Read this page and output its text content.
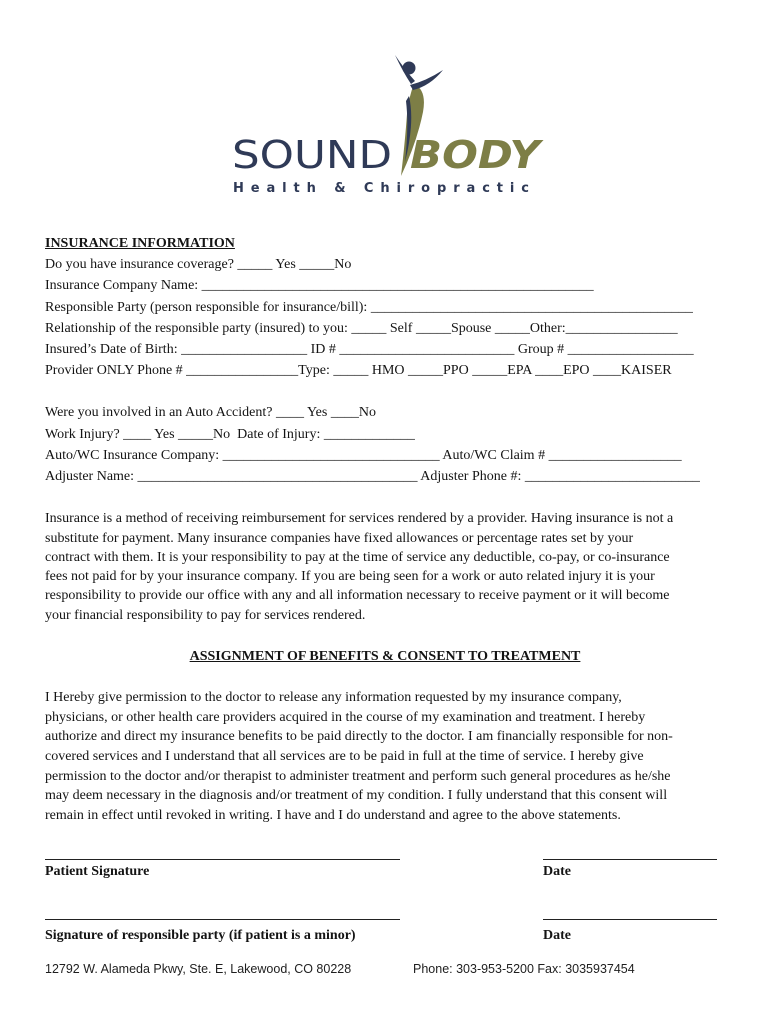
SOUND BODY
Health & Chiropractic
INSURANCE INFORMATION
Do you have insurance coverage? _____ Yes _____No
Insurance Company Name: ________________________________________________________
Responsible Party (person responsible for insurance/bill): ______________________________________________
Relationship of the responsible party (insured) to you: _____ Self _____Spouse _____Other:________________
Insured’s Date of Birth: __________________ ID # _________________________ Group # __________________
Provider ONLY Phone # ________________Type: _____ HMO _____PPO _____EPA ____EPO ____KAISER
Were you involved in an Auto Accident? ____ Yes ____No
Work Injury? ____ Yes _____No  Date of Injury: _____________
Auto/WC Insurance Company: _______________________________ Auto/WC Claim # ___________________
Adjuster Name: ________________________________________ Adjuster Phone #: _________________________
Insurance is a method of receiving reimbursement for services rendered by a provider. Having insurance is not a
substitute for payment. Many insurance companies have fixed allowances or percentage rates set by your
contract with them. It is your responsibility to pay at the time of service any deductible, co-pay, or co-insurance
fees not paid for by your insurance company. If you are being seen for a work or auto related injury it is your
responsibility to provide our office with any and all information necessary to receive payment or it will become
your financial responsibility to pay for services rendered.
ASSIGNMENT OF BENEFITS & CONSENT TO TREATMENT
I Hereby give permission to the doctor to release any information requested by my insurance company,
physicians, or other health care providers acquired in the course of my examination and treatment. I hereby
authorize and direct my insurance benefits to be paid directly to the doctor. I am financially responsible for non-
covered services and I understand that all services are to be paid in full at the time of service. I hereby give
permission to the doctor and/or therapist to administer treatment and perform such general procedures as he/she
may deem necessary in the diagnosis and/or treatment of my condition. I fully understand that this consent will
remain in effect until revoked in writing. I have and I do understand and agree to the above statements.
Patient Signature	Date
Signature of responsible party (if patient is a minor)	Date
12792 W. Alameda Pkwy, Ste. E, Lakewood, CO 80228	Phone: 303-953-5200 Fax: 3035937454
